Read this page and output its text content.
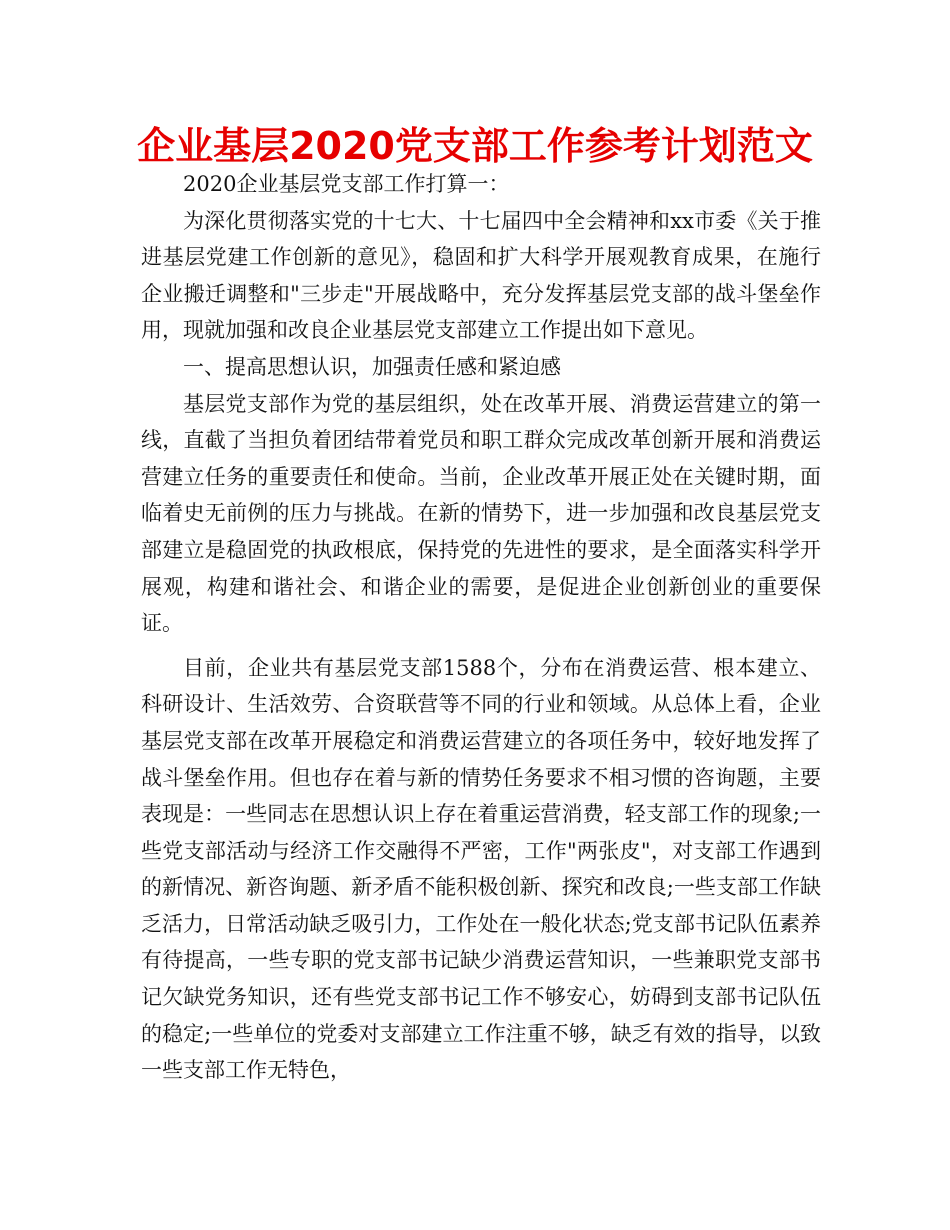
企业基层2020党支部工作参考计划范文

2020企业基层党支部工作打算一：

为深化贯彻落实党的十七大、十七届四中全会精神和xx市委《关于推进基层党建工作创新的意见》，稳固和扩大科学开展观教育成果，在施行企业搬迁调整和"三步走"开展战略中，充分发挥基层党支部的战斗堡垒作用，现就加强和改良企业基层党支部建立工作提出如下意见。

一、提高思想认识，加强责任感和紧迫感

基层党支部作为党的基层组织，处在改革开展、消费运营建立的第一线，直截了当担负着团结带着党员和职工群众完成改革创新开展和消费运营建立任务的重要责任和使命。当前，企业改革开展正处在关键时期，面临着史无前例的压力与挑战。在新的情势下，进一步加强和改良基层党支部建立是稳固党的执政根底，保持党的先进性的要求，是全面落实科学开展观，构建和谐社会、和谐企业的需要，是促进企业创新创业的重要保证。

目前，企业共有基层党支部1588个，分布在消费运营、根本建立、科研设计、生活效劳、合资联营等不同的行业和领域。从总体上看，企业基层党支部在改革开展稳定和消费运营建立的各项任务中，较好地发挥了战斗堡垒作用。但也存在着与新的情势任务要求不相习惯的咨询题，主要表现是：一些同志在思想认识上存在着重运营消费，轻支部工作的现象;一些党支部活动与经济工作交融得不严密，工作"两张皮"，对支部工作遇到的新情况、新咨询题、新矛盾不能积极创新、探究和改良;一些支部工作缺乏活力，日常活动缺乏吸引力，工作处在一般化状态;党支部书记队伍素养有待提高，一些专职的党支部书记缺少消费运营知识，一些兼职党支部书记欠缺党务知识，还有些党支部书记工作不够安心，妨碍到支部书记队伍的稳定;一些单位的党委对支部建立工作注重不够，缺乏有效的指导，以致一些支部工作无特色，
